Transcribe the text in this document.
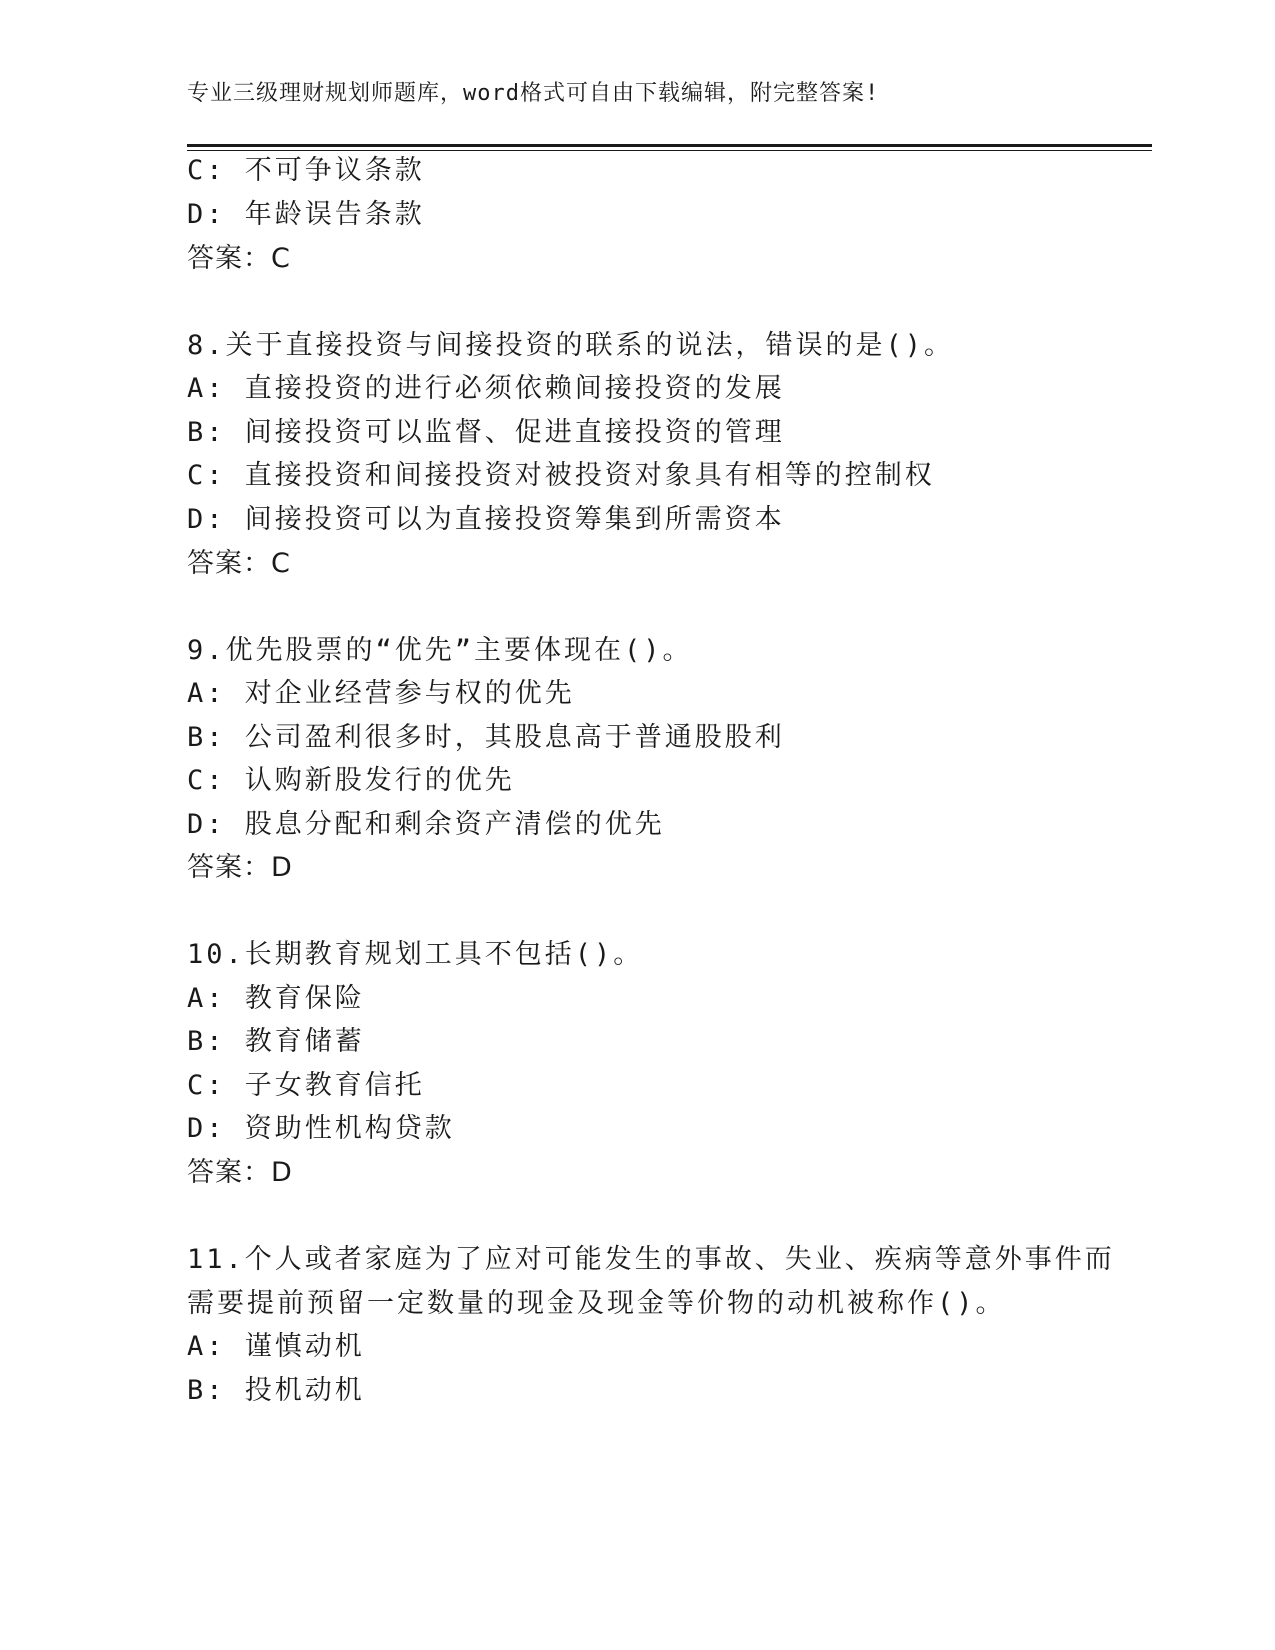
专业三级理财规划师题库，word格式可自由下载编辑，附完整答案!
C: 不可争议条款
D: 年龄误告条款
答案：C
8.关于直接投资与间接投资的联系的说法，错误的是()。
A: 直接投资的进行必须依赖间接投资的发展
B: 间接投资可以监督、促进直接投资的管理
C: 直接投资和间接投资对被投资对象具有相等的控制权
D: 间接投资可以为直接投资筹集到所需资本
答案：C
9.优先股票的“优先”主要体现在()。
A: 对企业经营参与权的优先
B: 公司盈利很多时，其股息高于普通股股利
C: 认购新股发行的优先
D: 股息分配和剩余资产清偿的优先
答案：D
10.长期教育规划工具不包括()。
A: 教育保险
B: 教育储蓄
C: 子女教育信托
D: 资助性机构贷款
答案：D
11.个人或者家庭为了应对可能发生的事故、失业、疾病等意外事件而
需要提前预留一定数量的现金及现金等价物的动机被称作()。
A: 谨慎动机
B: 投机动机
